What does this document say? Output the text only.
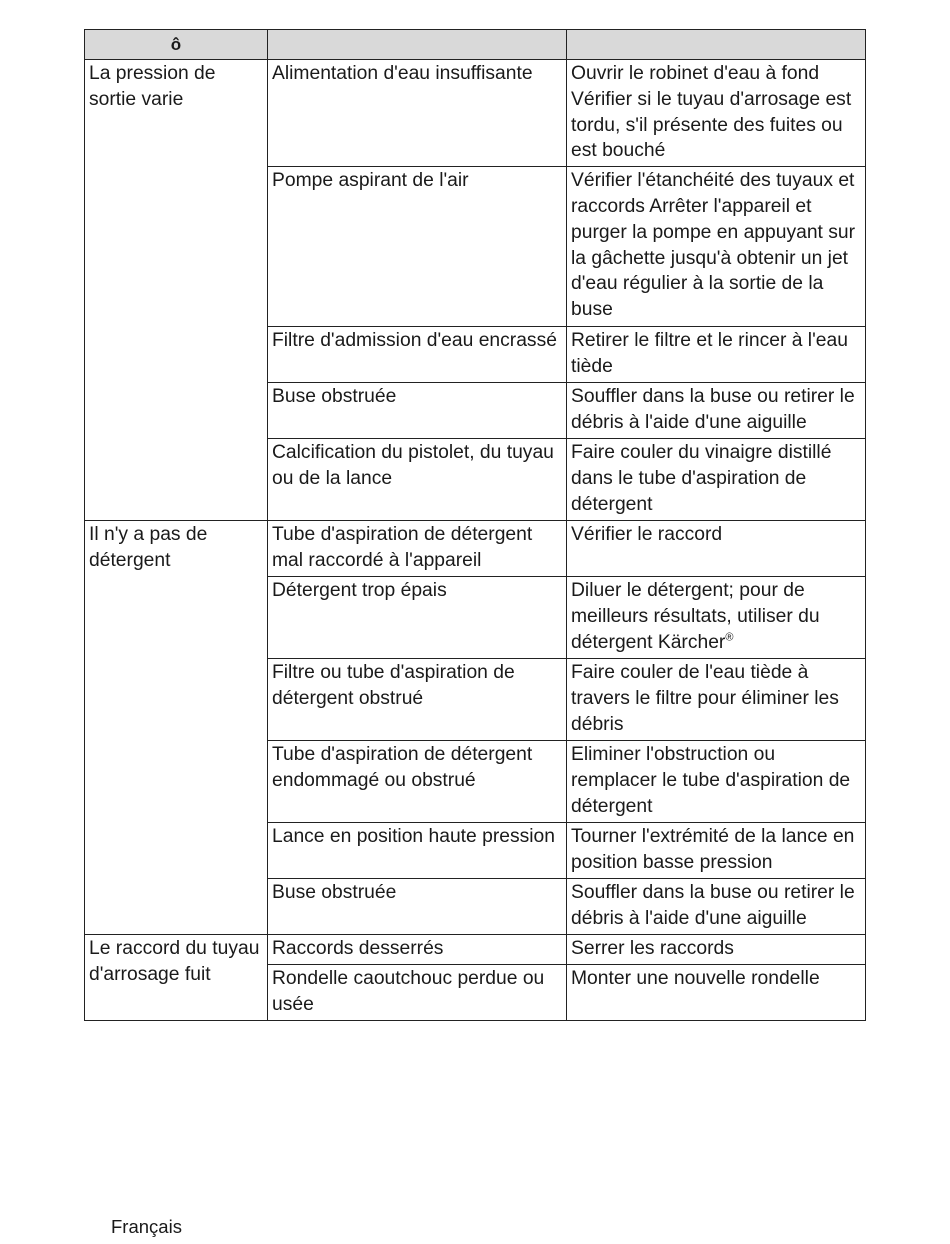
ô		
La pression de sortie varie	Alimentation d'eau insuffisante	Ouvrir le robinet d'eau à fond Vérifier si le tuyau d'arrosage est tordu, s'il présente des fuites ou est bouché
	Pompe aspirant de l'air	Vérifier l'étanchéité des tuyaux et raccords Arrêter l'appareil et purger la pompe en appuyant sur la gâchette jusqu'à obtenir un jet d'eau régulier à la sortie de la buse
	Filtre d'admission d'eau encrassé	Retirer le filtre et le rincer à l'eau tiède
	Buse obstruée	Souffler dans la buse ou retirer le débris à l'aide d'une aiguille
	Calcification du pistolet, du tuyau ou de la lance	Faire couler du vinaigre distillé dans le tube d'aspiration de détergent
Il n'y a pas de détergent	Tube d'aspiration de détergent mal raccordé à l'appareil	Vérifier le raccord
	Détergent trop épais	Diluer le détergent; pour de meilleurs résultats, utiliser du détergent Kärcher®
	Filtre ou tube d'aspiration de détergent obstrué	Faire couler de l'eau tiède à travers le filtre pour éliminer les débris
	Tube d'aspiration de détergent endommagé ou obstrué	Eliminer l'obstruction ou remplacer le tube d'aspiration de détergent
	Lance en position haute pression	Tourner l'extrémité de la lance en position basse pression
	Buse obstruée	Souffler dans la buse ou retirer le débris à l'aide d'une aiguille
Le raccord du tuyau d'arrosage fuit	Raccords desserrés	Serrer les raccords
	Rondelle caoutchouc perdue ou usée	Monter une nouvelle rondelle
Français
